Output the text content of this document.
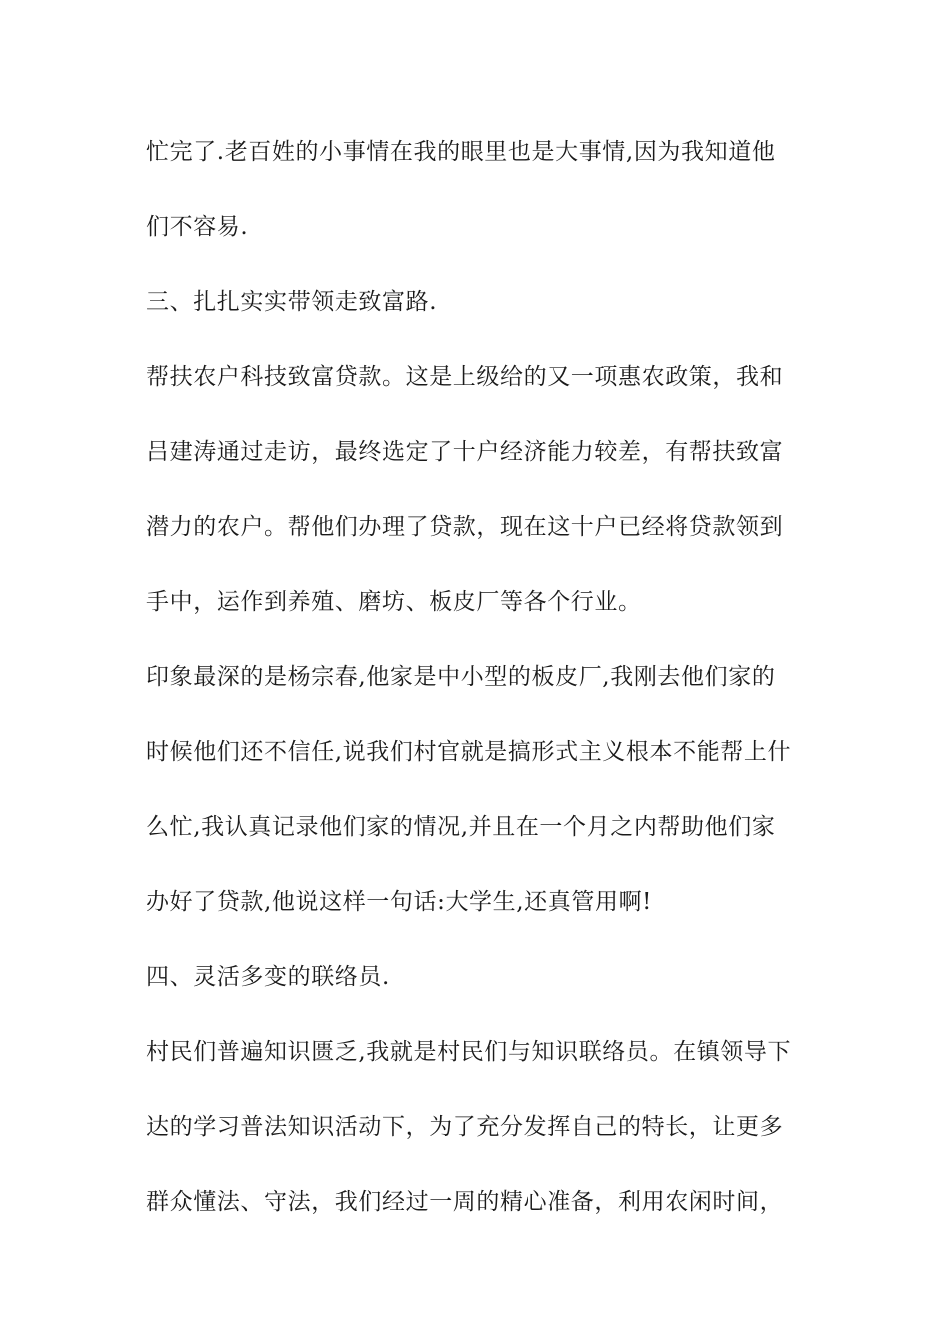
忙完了.老百姓的小事情在我的眼里也是大事情,因为我知道他
们不容易.
三、扎扎实实带领走致富路.
帮扶农户科技致富贷款。这是上级给的又一项惠农政策，我和
吕建涛通过走访，最终选定了十户经济能力较差，有帮扶致富
潜力的农户。帮他们办理了贷款，现在这十户已经将贷款领到
手中，运作到养殖、磨坊、板皮厂等各个行业。
印象最深的是杨宗春,他家是中小型的板皮厂,我刚去他们家的
时候他们还不信任,说我们村官就是搞形式主义根本不能帮上什
么忙,我认真记录他们家的情况,并且在一个月之内帮助他们家
办好了贷款,他说这样一句话:大学生,还真管用啊!
四、灵活多变的联络员.
村民们普遍知识匮乏,我就是村民们与知识联络员。在镇领导下
达的学习普法知识活动下，为了充分发挥自己的特长，让更多
群众懂法、守法，我们经过一周的精心准备，利用农闲时间，
